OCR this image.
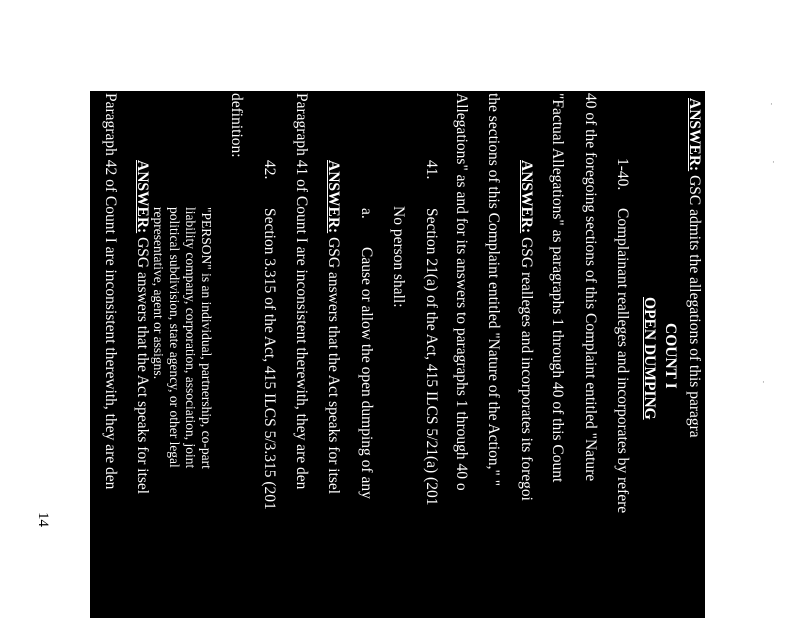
ANSWER: GSC admits the allegations of this paragra
COUNT I
OPEN DUMPING
1-40.
Complainant realleges and incorporates by refere
40 of the foregoing sections of this Complaint entitled "Nature
"Factual Allegations" as paragraphs 1 through 40 of this Count
ANSWER: GSG realleges and incorporates its foregoi
the sections of this Complaint entitled "Nature of the Action," "
Allegations" as and for its answers to paragraphs 1 through 40 o
41.
Section 21(a) of the Act, 415 ILCS 5/21(a) (201
No person shall:
a.
Cause or allow the open dumping of any
ANSWER: GSG answers that the Act speaks for itsel
Paragraph 41 of Count I are inconsistent therewith, they are den
42.
Section 3.315 of the Act, 415 ILCS 5/3.315 (201
definition:
"PERSON" is an individual, partnership, co-part
liability company, corporation, association, joint
political subdivision, state agency, or other legal
representative, agent or assigns.
ANSWER: GSG answers that the Act speaks for itsel
Paragraph 42 of Count I are inconsistent therewith, they are den
43.
CPS, PRC, GSG, OCA, SCL, and Reliable are c
defined in Section 3.315 of the Act, 415 ILCS 5/3.315 (2010).
ANSWER: GSG admits the allegations of Paragraph 4
14
·
·
·
